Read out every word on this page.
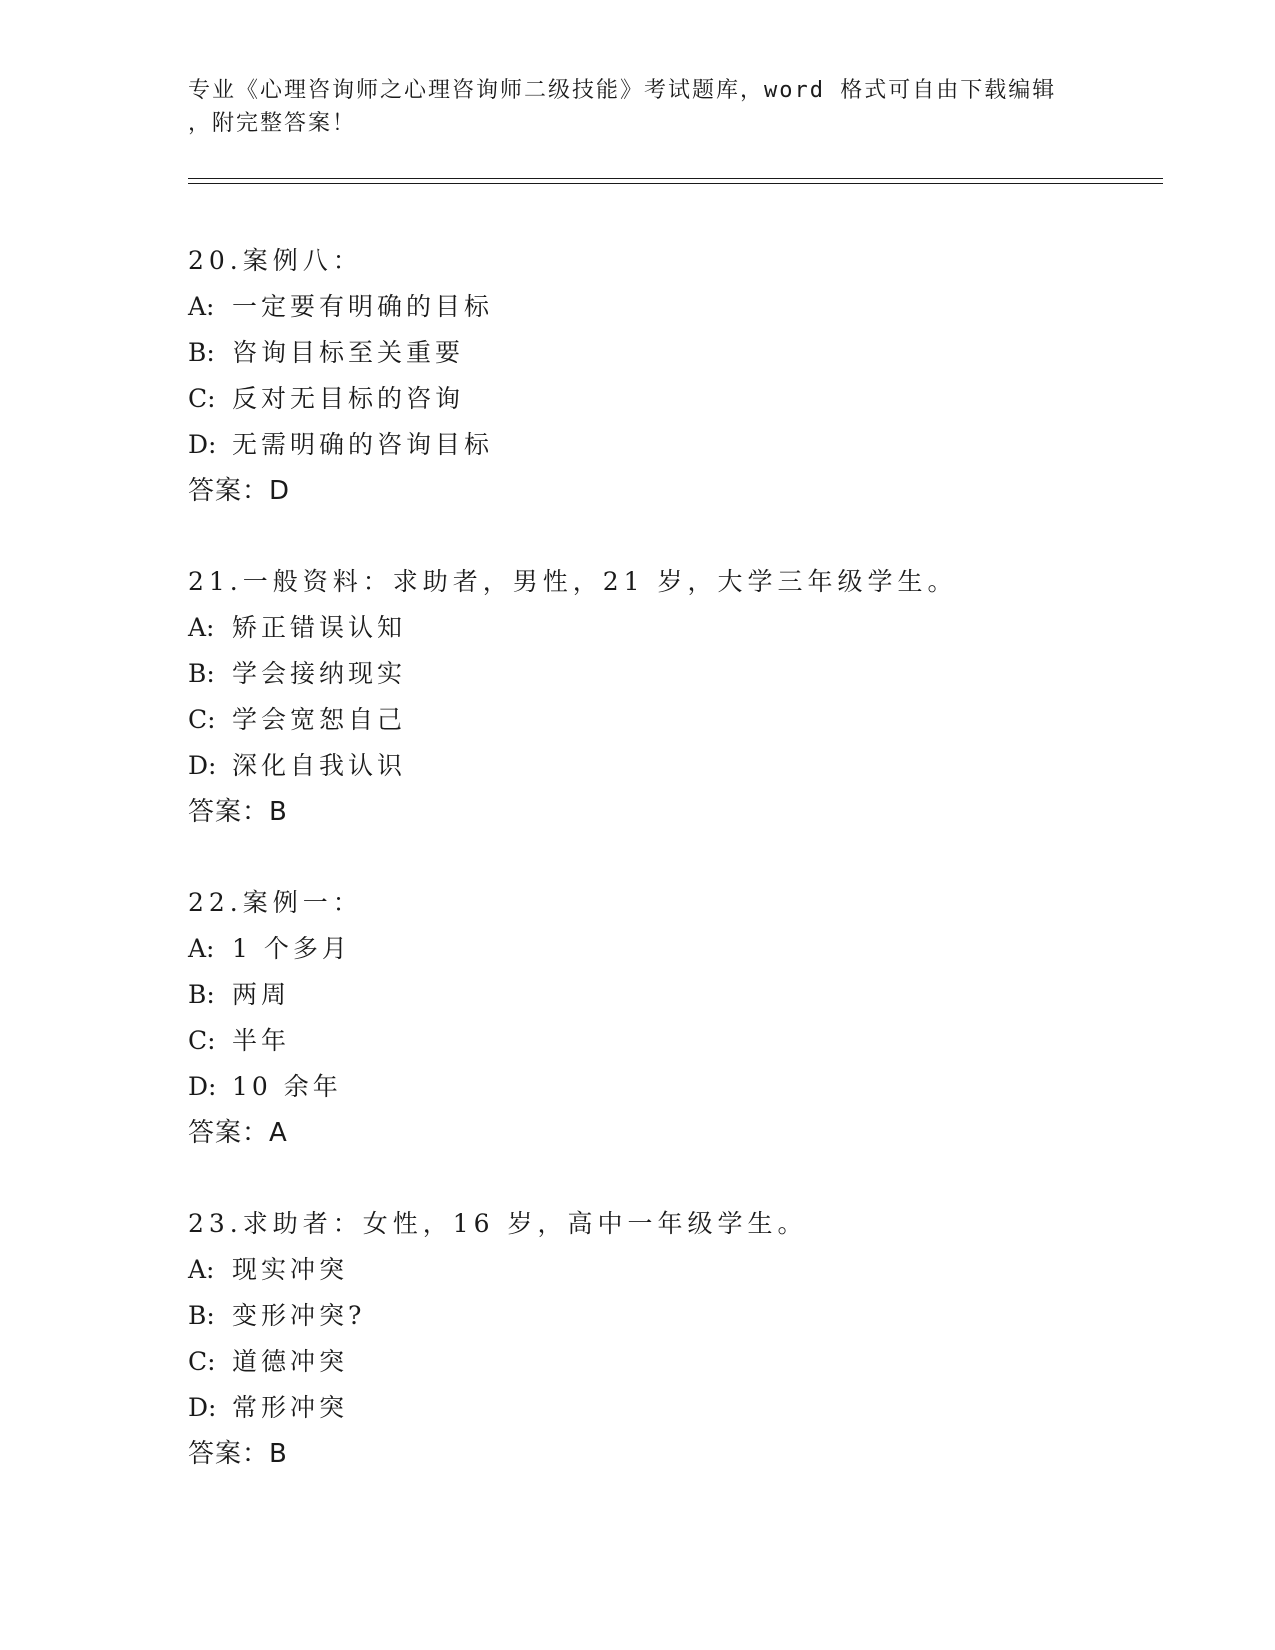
专业《心理咨询师之心理咨询师二级技能》考试题库，word 格式可自由下载编辑
，附完整答案！
20.案例八：
A: 一定要有明确的目标
B: 咨询目标至关重要
C: 反对无目标的咨询
D: 无需明确的咨询目标
答案：D
21.一般资料：求助者，男性，21 岁，大学三年级学生。
A: 矫正错误认知
B: 学会接纳现实
C: 学会宽恕自己
D: 深化自我认识
答案：B
22.案例一：
A: 1 个多月
B: 两周
C: 半年
D: 10 余年
答案：A
23.求助者：女性，16 岁，高中一年级学生。
A: 现实冲突
B: 变形冲突?
C: 道德冲突
D: 常形冲突
答案：B
